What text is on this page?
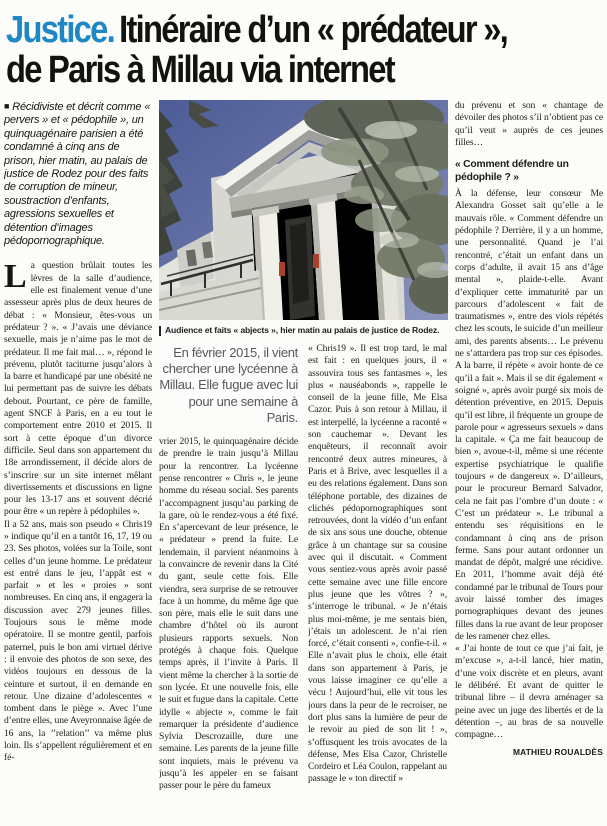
Justice. Itinéraire d’un « prédateur »,
de Paris à Millau via internet
■ Récidiviste et décrit comme « pervers » et « pédophile », un quinquagénaire parisien a été condamné à cinq ans de prison, hier matin, au palais de justice de Rodez pour des faits de corruption de mineur, soustraction d’enfants, agressions sexuelles et détention d’images pédopornographique.

La question brûlait toutes les lèvres de la salle d’audience, elle est finalement venue d’une assesseur après plus de deux heures de débat : « Monsieur, êtes-vous un prédateur ? ». « J’avais une déviance sexuelle, mais je n’aime pas le mot de prédateur. Il me fait mal… », répond le prévenu, plutôt taciturne jusqu’alors à la barre et handicapé par une obésité ne lui permettant pas de suivre les débats debout. Pourtant, ce père de famille, agent SNCF à Paris, en a eu tout le comportement entre 2010 et 2015. Il sort à cette époque d’un divorce difficile. Seul dans son appartement du 18e arrondissement, il décide alors de s’inscrire sur un site internet mêlant divertissements et discussions en ligne pour les 13-17 ans et souvent décrié pour être « un repère à pédophiles ».

Il a 52 ans, mais son pseudo « Chris19 » indique qu’il en a tantôt 16, 17, 19 ou 23. Ses photos, volées sur la Toile, sont celles d’un jeune homme. Le prédateur est entré dans le jeu, l’appât est « parfait » et les « proies » sont nombreuses. En cinq ans, il engagera la discussion avec 279 jeunes filles. Toujours sous le même mode opératoire. Il se montre gentil, parfois paternel, puis le bon ami virtuel dérive : il envoie des photos de son sexe, des vidéos toujours en dessous de la ceinture et surtout, il en demande en retour. Une dizaine d’adolescentes « tombent dans le piège ». Avec l’une d’entre elles, une Aveyronnaise âgée de 16 ans, la ’’relation’’ va même plus loin. Ils s’appellent régulièrement et en fé-

Audience et faits « abjects », hier matin au palais de justice de Rodez.
En février 2015, il vient chercher une lycéenne à Millau. Elle fugue avec lui pour une semaine à Paris.

vrier 2015, le quinquagénaire décide de prendre le train jusqu’à Millau pour la rencontrer. La lycéenne pense rencontrer « Chris », le jeune homme du réseau social. Ses parents l’accompagnent jusqu’au parking de la gare, où le rendez-vous a été fixé. En s’apercevant de leur présence, le « prédateur » prend la fuite. Le lendemain, il parvient néanmoins à la convaincre de revenir dans la Cité du gant, seule cette fois. Elle viendra, sera surprise de se retrouver face à un homme, du même âge que son père, mais elle le suit dans une chambre d’hôtel où ils auront plusieurs rapports sexuels. Non protégés à chaque fois. Quelque temps après, il l’invite à Paris. Il vient même la chercher à la sortie de son lycée. Et une nouvelle fois, elle le suit et fugue dans la capitale. Cette idylle « abjecte », comme le fait remarquer la présidente d’audience Sylvia Descrozaille, dure une semaine. Les parents de la jeune fille sont inquiets, mais le prévenu va jusqu’à les appeler en se faisant passer pour le père du fameux

« Chris19 ». Il est trop tard, le mal est fait : en quelques jours, il « assouvira tous ses fantasmes », les plus « nauséabonds », rappelle le conseil de la jeune fille, Me Elsa Cazor. Puis à son retour à Millau, il est interpellé, la lycéenne a raconté « son cauchemar ». Devant les enquêteurs, il reconnaît avoir rencontré deux autres mineures, à Paris et à Brive, avec lesquelles il a eu des relations également. Dans son téléphone portable, des dizaines de clichés pédopornographiques sont retrouvées, dont la vidéo d’un enfant de six ans sous une douche, obtenue grâce à un chantage sur sa cousine avec qui il discutait. « Comment vous sentiez-vous après avoir passé cette semaine avec une fille encore plus jeune que les vôtres ? », s’interroge le tribunal. « Je n’étais plus moi-même, je me sentais bien, j’étais un adolescent. Je n’ai rien forcé, c’était consenti », confie-t-il. « Elle n’avait plus le choix, elle était dans son appartement à Paris, je vous laisse imaginer ce qu’elle a vécu ! Aujourd’hui, elle vit tous les jours dans la peur de le recroiser, ne dort plus sans la lumière de peur de le revoir au pied de son lit ! », s’offusquent les trois avocates de la défense, Mes Elsa Cazor, Christelle Cordeiro et Léa Coulon, rappelant au passage le « ton directif »

du prévenu et son « chantage de dévoiler des photos s’il n’obtient pas ce qu’il veut » auprès de ces jeunes filles…

« Comment défendre un pédophile ? »

À la défense, leur consœur Me Alexandra Gosset sait qu’elle a le mauvais rôle. « Comment défendre un pédophile ? Derrière, il y a un homme, une personnalité. Quand je l’ai rencontré, c’était un enfant dans un corps d’adulte, il avait 15 ans d’âge mental », plaide-t-elle. Avant d’expliquer cette immaturité par un parcours d’adolescent « fait de traumatismes », entre des viols répétés chez les scouts, le suicide d’un meilleur ami, des parents absents… Le prévenu ne s’attardera pas trop sur ces épisodes. A la barre, il répète « avoir honte de ce qu’il a fait ». Mais il se dit également « soigné », après avoir purgé six mois de détention préventive, en 2015. Depuis qu’il est libre, il fréquente un groupe de parole pour « agresseurs sexuels » dans la capitale. « Ça me fait beaucoup de bien », avoue-t-il, même si une récente expertise psychiatrique le qualifie toujours « de dangereux ». D’ailleurs, pour le procureur Bernard Salvador, cela ne fait pas l’ombre d’un doute : « C’est un prédateur ». Le tribunal a entendu ses réquisitions en le condamnant à cinq ans de prison ferme. Sans pour autant ordonner un mandat de dépôt, malgré une récidive. En 2011, l’homme avait déjà été condamné par le tribunal de Tours pour avoir laissé tomber des images pornographiques devant des jeunes filles dans la rue avant de leur proposer de les ramener chez elles.

« J’ai honte de tout ce que j’ai fait, je m’excuse », a-t-il lancé, hier matin, d’une voix discrète et en pleurs, avant le délibéré. Et avant de quitter le tribunal libre – il devra aménager sa peine avec un juge des libertés et de la détention –, au bras de sa nouvelle compagne…

MATHIEU ROUALDÈS
